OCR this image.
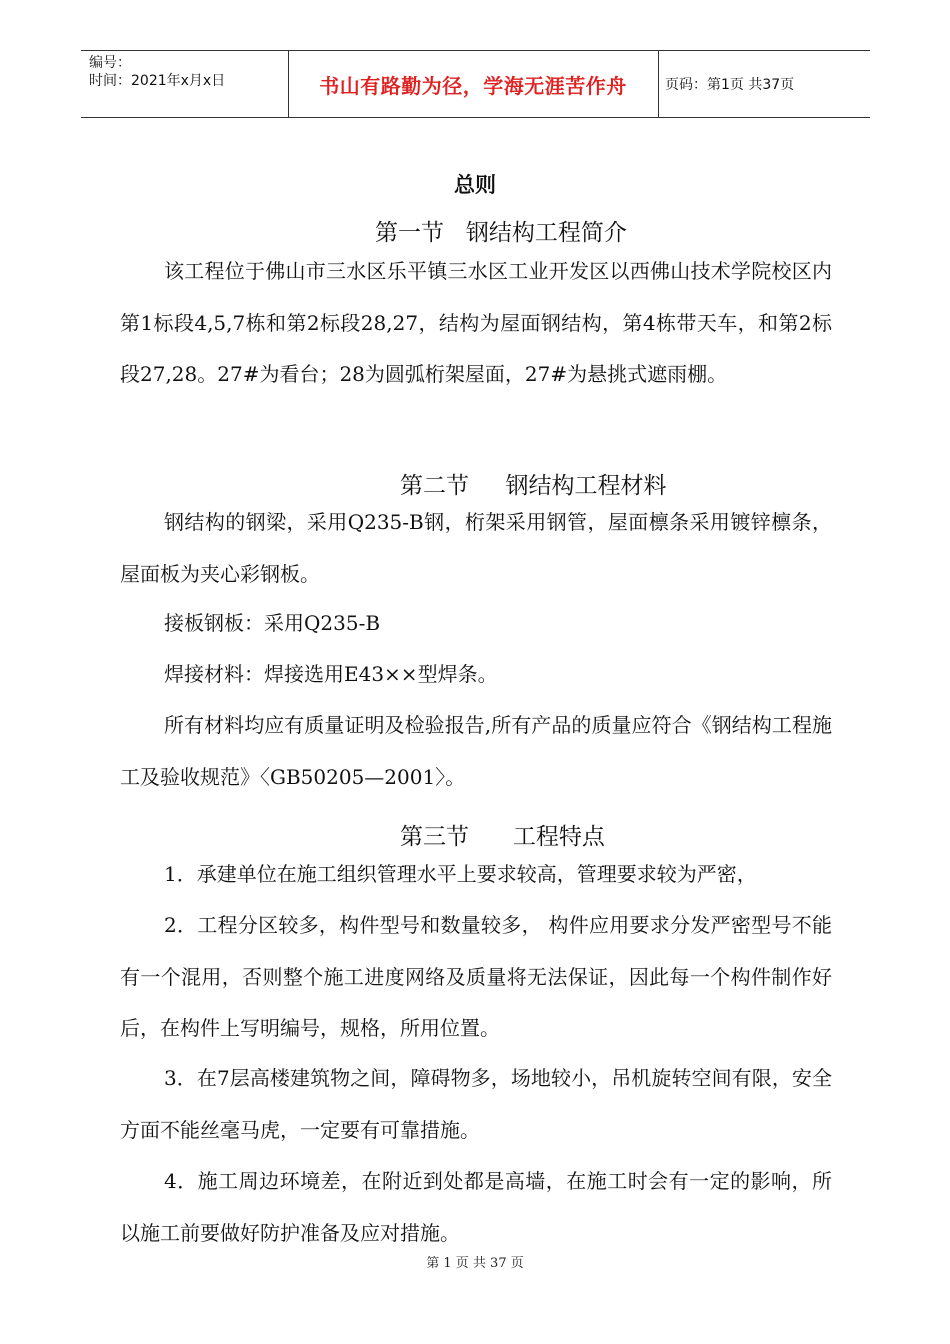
编号：
时间：2021年x月x日	书山有路勤为径，学海无涯苦作舟	页码：第1页 共37页
总则
第一节   钢结构工程简介
该工程位于佛山市三水区乐平镇三水区工业开发区以西佛山技术学院校区内第1标段4,5,7栋和第2标段28,27，结构为屋面钢结构，第4栋带天车，和第2标段27,28。27#为看台；28为圆弧桁架屋面，27#为悬挑式遮雨棚。
第二节     钢结构工程材料
钢结构的钢梁，采用Q235-B钢，桁架采用钢管，屋面檩条采用镀锌檩条，屋面板为夹心彩钢板。
接板钢板：采用Q235-B
焊接材料：焊接选用E43××型焊条。
所有材料均应有质量证明及检验报告,所有产品的质量应符合《钢结构工程施工及验收规范》〈GB50205—2001〉。
第三节      工程特点
1．承建单位在施工组织管理水平上要求较高，管理要求较为严密，
2．工程分区较多，构件型号和数量较多， 构件应用要求分发严密型号不能有一个混用，否则整个施工进度网络及质量将无法保证，因此每一个构件制作好后，在构件上写明编号，规格，所用位置。
3．在7层高楼建筑物之间，障碍物多，场地较小，吊机旋转空间有限，安全方面不能丝毫马虎，一定要有可靠措施。
4．施工周边环境差，在附近到处都是高墙，在施工时会有一定的影响，所以施工前要做好防护准备及应对措施。
第 1 页 共 37 页
